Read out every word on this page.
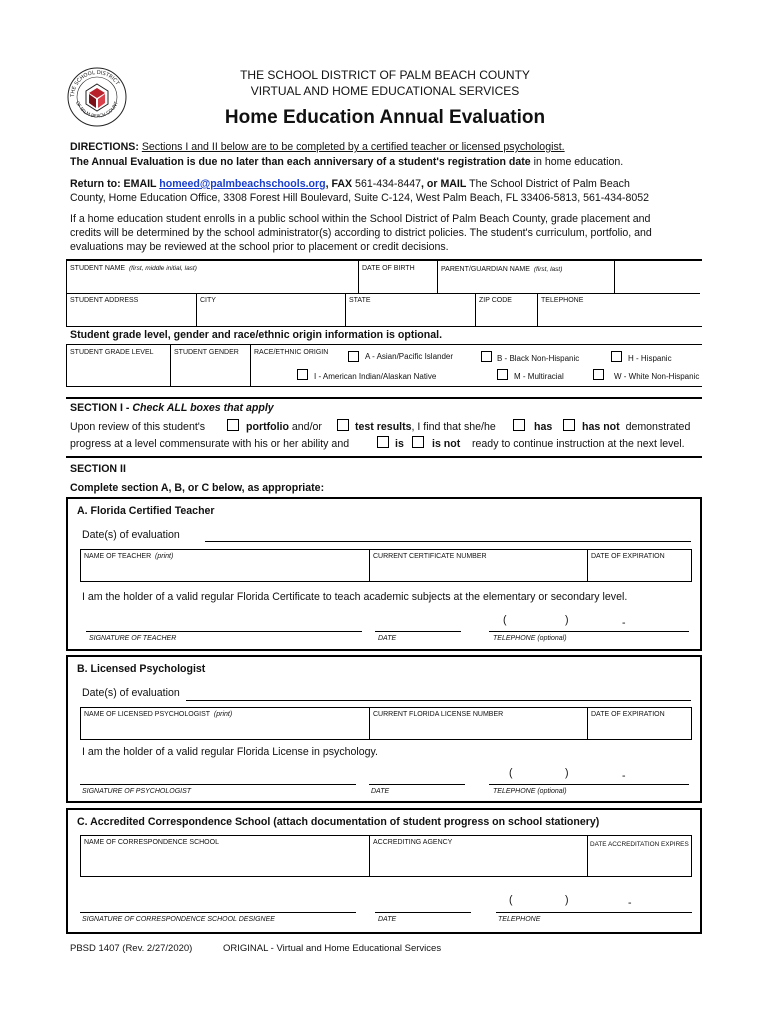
THE SCHOOL DISTRICT
OF PALM BEACH COUNT
THE SCHOOL DISTRICT OF PALM BEACH COUNTY
VIRTUAL AND HOME EDUCATIONAL SERVICES
Home Education Annual Evaluation
DIRECTIONS: Sections I and II below are to be completed by a certified teacher or licensed psychologist.
The Annual Evaluation is due no later than each anniversary of a student's registration date in home education.
Return to: EMAIL homeed@palmbeachschools.org, FAX 561-434-8447, or MAIL The School District of Palm Beach
County, Home Education Office, 3308 Forest Hill Boulevard, Suite C-124, West Palm Beach, FL 33406-5813, 561-434-8052
If a home education student enrolls in a public school within the School District of Palm Beach County, grade placement and
credits will be determined by the school administrator(s) according to district policies. The student's curriculum, portfolio, and
evaluations may be reviewed at the school prior to placement or credit decisions.
STUDENT NAME (first, middle initial, last)	DATE OF BIRTH	PARENT/GUARDIAN NAME (first, last)
STUDENT ADDRESS	CITY	STATE	ZIP CODE	TELEPHONE
Student grade level, gender and race/ethnic origin information is optional.
STUDENT GRADE LEVEL	STUDENT GENDER RACE/ETHNIC ORIGIN	A - Asian/Pacific Islander	B - Black Non-Hispanic	H - Hispanic
I - American Indian/Alaskan Native	M - Multiracial	W - White Non-Hispanic
SECTION I - Check ALL boxes that apply
Upon review of this student's	portfolio and/or	test results, I find that she/he	has	has not demonstrated
progress at a level commensurate with his or her ability and	is	is not ready to continue instruction at the next level.
SECTION II
Complete section A, B, or C below, as appropriate:
A. Florida Certified Teacher
Date(s) of evaluation
NAME OF TEACHER (print)	CURRENT CERTIFICATE NUMBER	DATE OF EXPIRATION
I am the holder of a valid regular Florida Certificate to teach academic subjects at the elementary or secondary level.
(	)	-
SIGNATURE OF TEACHER	DATE	TELEPHONE (optional)
B. Licensed Psychologist
Date(s) of evaluation
NAME OF LICENSED PSYCHOLOGIST (print)	CURRENT FLORIDA LICENSE NUMBER	DATE OF EXPIRATION
I am the holder of a valid regular Florida License in psychology.
(	)	-
SIGNATURE OF PSYCHOLOGIST	DATE	TELEPHONE (optional)
C. Accredited Correspondence School (attach documentation of student progress on school stationery)
NAME OF CORRESPONDENCE SCHOOL	ACCREDITING AGENCY	DATE ACCREDITATION EXPIRES
(	)	-
SIGNATURE OF CORRESPONDENCE SCHOOL DESIGNEE	DATE	TELEPHONE
PBSD 1407 (Rev. 2/27/2020)	ORIGINAL - Virtual and Home Educational Services
